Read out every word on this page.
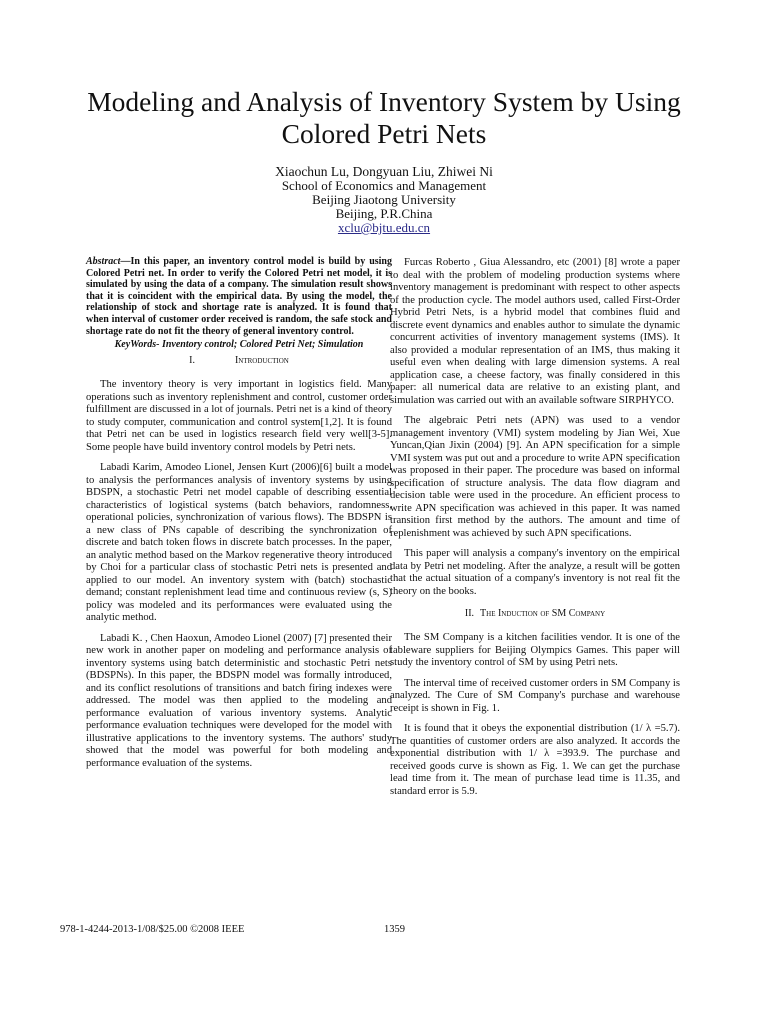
Modeling and Analysis of Inventory System by Using Colored Petri Nets
Xiaochun Lu, Dongyuan Liu, Zhiwei Ni
School of Economics and Management
Beijing Jiaotong University
Beijing, P.R.China
xclu@bjtu.edu.cn

Abstract—In this paper, an inventory control model is build by using Colored Petri net. In order to verify the Colored Petri net model, it is simulated by using the data of a company. The simulation result shows that it is coincident with the empirical data. By using the model, the relationship of stock and shortage rate is analyzed. It is found that when interval of customer order received is random, the safe stock and shortage rate do not fit the theory of general inventory control.

KeyWords- Inventory control; Colored Petri Net; Simulation
I.	Introduction

The inventory theory is very important in logistics field. Many operations such as inventory replenishment and control, customer order fulfillment are discussed in a lot of journals. Petri net is a kind of theory to study computer, communication and control system[1,2]. It is found that Petri net can be used in logistics research field very well[3-5]. Some people have build inventory control models by Petri nets.

Labadi Karim, Amodeo Lionel, Jensen Kurt (2006)[6] built a model to analysis the performances analysis of inventory systems by using BDSPN, a stochastic Petri net model capable of describing essential characteristics of logistical systems (batch behaviors, randomness, operational policies, synchronization of various flows). The BDSPN is a new class of PNs capable of describing the synchronization of discrete and batch token flows in discrete batch processes. In the paper, an analytic method based on the Markov regenerative theory introduced by Choi for a particular class of stochastic Petri nets is presented and applied to our model. An inventory system with (batch) stochastic demand; constant replenishment lead time and continuous review (s, S) policy was modeled and its performances were evaluated using the analytic method.

Labadi K. , Chen Haoxun, Amodeo Lionel (2007) [7] presented their new work in another paper on modeling and performance analysis of inventory systems using batch deterministic and stochastic Petri nets (BDSPNs). In this paper, the BDSPN model was formally introduced, and its conflict resolutions of transitions and batch firing indexes were addressed. The model was then applied to the modeling and performance evaluation of various inventory systems. Analytic performance evaluation techniques were developed for the model with illustrative applications to the inventory systems. The authors' study showed that the model was powerful for both modeling and performance evaluation of the systems.

Furcas Roberto , Giua Alessandro, etc (2001) [8] wrote a paper to deal with the problem of modeling production systems where inventory management is predominant with respect to other aspects of the production cycle. The model authors used, called First-Order Hybrid Petri Nets, is a hybrid model that combines fluid and discrete event dynamics and enables author to simulate the dynamic concurrent activities of inventory management systems (IMS). It also provided a modular representation of an IMS, thus making it useful even when dealing with large dimension systems. A real application case, a cheese factory, was finally considered in this paper: all numerical data are relative to an existing plant, and simulation was carried out with an available software SIRPHYCO.

The algebraic Petri nets (APN) was used to a vendor management inventory (VMI) system modeling by Jian Wei, Xue Yuncan,Qian Jixin (2004) [9]. An APN specification for a simple VMI system was put out and a procedure to write APN specification was proposed in their paper. The procedure was based on informal specification of structure analysis. The data flow diagram and decision table were used in the procedure. An efficient process to write APN specification was achieved in this paper. It was named transition first method by the authors. The amount and time of replenishment was achieved by such APN specifications.

This paper will analysis a company's inventory on the empirical data by Petri net modeling. After the analyze, a result will be gotten that the actual situation of a company's inventory is not real fit the theory on the books.

II. The Induction of SM Company

The SM Company is a kitchen facilities vendor. It is one of the tableware suppliers for Beijing Olympics Games. This paper will study the inventory control of SM by using Petri nets.

The interval time of received customer orders in SM Company is analyzed. The Cure of SM Company's purchase and warehouse receipt is shown in Fig. 1.

It is found that it obeys the exponential distribution (1/ λ =5.7). The quantities of customer orders are also analyzed. It accords the exponential distribution with 1/ λ =393.9. The purchase and received goods curve is shown as Fig. 1. We can get the purchase lead time from it. The mean of purchase lead time is 11.35, and standard error is 5.9.

978-1-4244-2013-1/08/$25.00 ©2008 IEEE	1359
